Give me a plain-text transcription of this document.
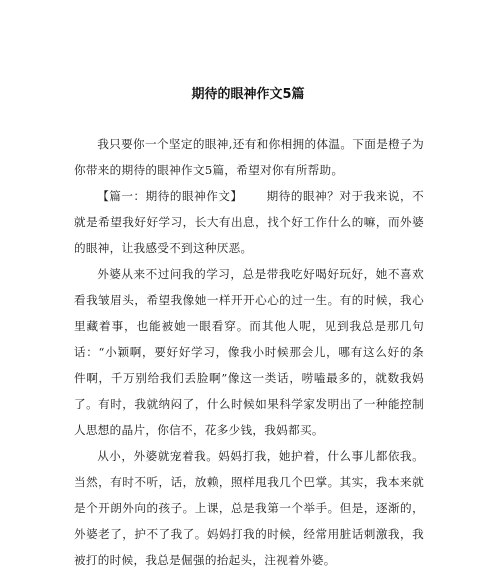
期待的眼神作文5篇

我只要你一个坚定的眼神,还有和你相拥的体温。下面是橙子为你带来的期待的眼神作文5篇，希望对你有所帮助。

【篇一：期待的眼神作文】 期待的眼神？对于我来说，不就是希望我好好学习，长大有出息，找个好工作什么的嘛，而外婆的眼神，让我感受不到这种厌恶。

外婆从来不过问我的学习，总是带我吃好喝好玩好，她不喜欢看我皱眉头，希望我像她一样开开心心的过一生。有的时候，我心里藏着事，也能被她一眼看穿。而其他人呢，见到我总是那几句话：“小颖啊，要好好学习，像我小时候那会儿，哪有这么好的条件啊，千万别给我们丢脸啊”像这一类话，唠嗑最多的，就数我妈了。有时，我就纳闷了，什么时候如果科学家发明出了一种能控制人思想的晶片，你信不，花多少钱，我妈都买。

从小，外婆就宠着我。妈妈打我，她护着，什么事儿都依我。当然，有时不听，话，放赖，照样甩我几个巴掌。其实，我本来就是个开朗外向的孩子。上课，总是我第一个举手。但是，逐渐的，外婆老了，护不了我了。妈妈打我的时候，经常用脏话刺激我，我被打的时候，我总是倔强的抬起头，注视着外婆。
